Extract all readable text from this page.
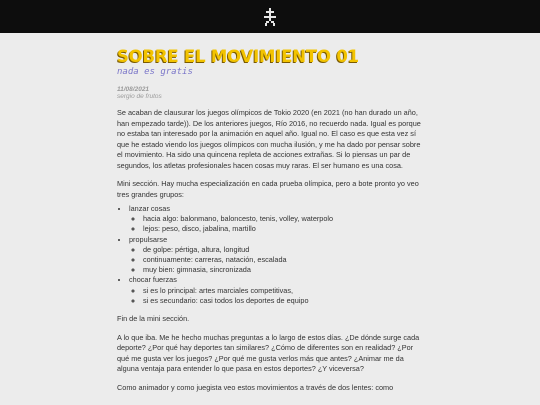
SOBRE EL MOVIMIENTO 01
nada es gratis
11/08/2021
sergio de frutos

Se acaban de clausurar los juegos olímpicos de Tokio 2020 (en 2021 (no han durado un año, han empezado tarde)). De los anteriores juegos, Río 2016, no recuerdo nada. Igual es porque no estaba tan interesado por la animación en aquel año. Igual no. El caso es que esta vez sí que he estado viendo los juegos olímpicos con mucha ilusión, y me ha dado por pensar sobre el movimiento. Ha sido una quincena repleta de acciones extrañas. Si lo piensas un par de segundos, los atletas profesionales hacen cosas muy raras. El ser humano es una cosa.

Mini sección. Hay mucha especialización en cada prueba olímpica, pero a bote pronto yo veo tres grandes grupos:

• lanzar cosas
◦ hacia algo: balonmano, baloncesto, tenis, volley, waterpolo
◦ lejos: peso, disco, jabalina, martillo
• propulsarse
◦ de golpe: pértiga, altura, longitud
◦ continuamente: carreras, natación, escalada
◦ muy bien: gimnasia, sincronizada
• chocar fuerzas
◦ si es lo principal: artes marciales competitivas,
◦ si es secundario: casi todos los deportes de equipo

Fin de la mini sección.

A lo que iba. Me he hecho muchas preguntas a lo largo de estos días. ¿De dónde surge cada deporte? ¿Por qué hay deportes tan similares? ¿Cómo de diferentes son en realidad? ¿Por qué me gusta ver los juegos? ¿Por qué me gusta verlos más que antes? ¿Animar me da alguna ventaja para entender lo que pasa en estos deportes? ¿Y viceversa?

Como animador y como juegista veo estos movimientos a través de dos lentes: como
